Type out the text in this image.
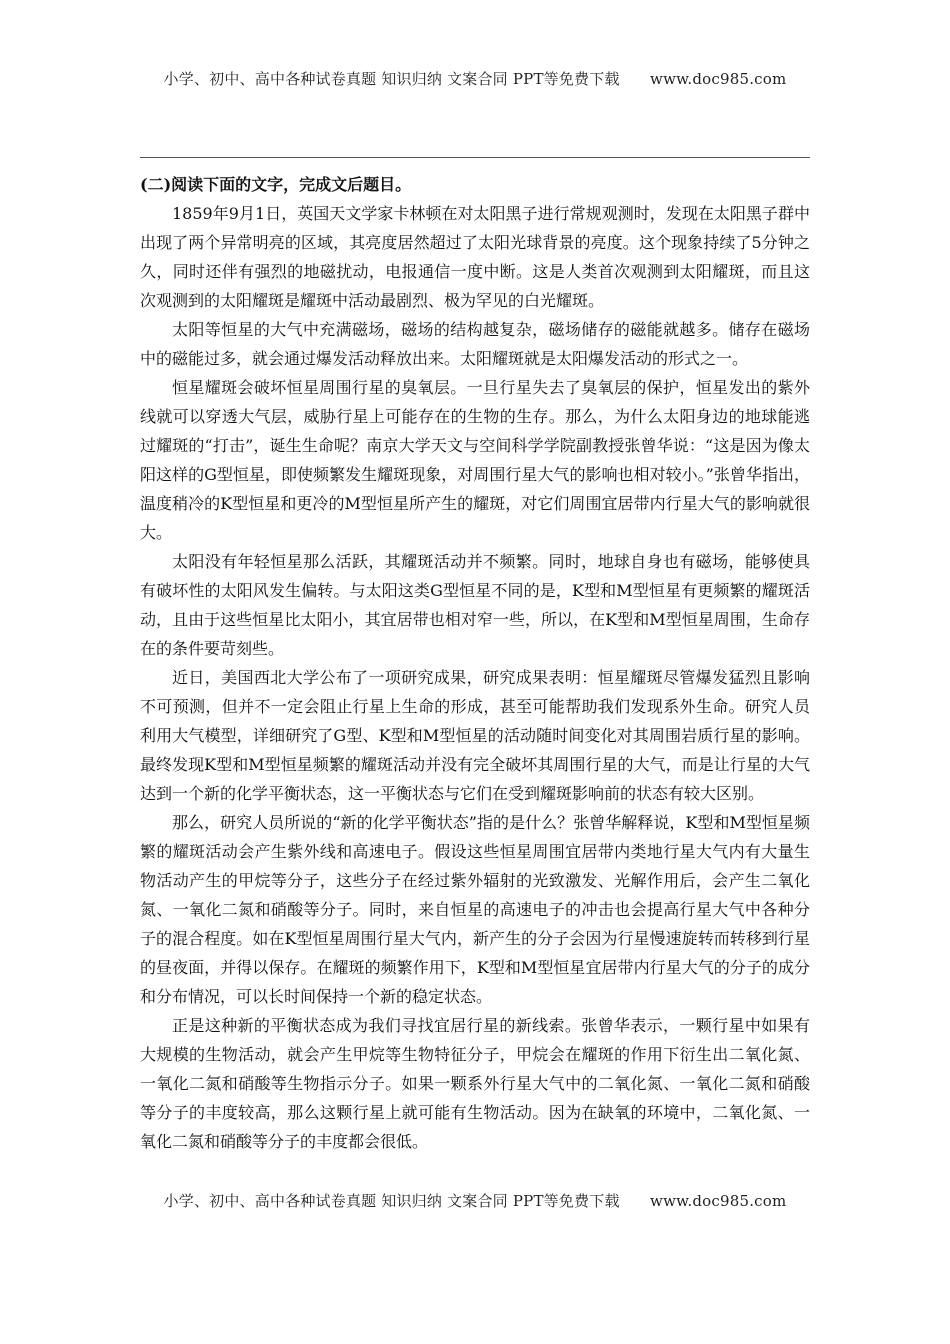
小学、初中、高中各种试卷真题 知识归纳 文案合同 PPT等免费下载　　www.doc985.com

(二)阅读下面的文字，完成文后题目。

1859年9月1日，英国天文学家卡林顿在对太阳黑子进行常规观测时，发现在太阳黑子群中出现了两个异常明亮的区域，其亮度居然超过了太阳光球背景的亮度。这个现象持续了5分钟之久，同时还伴有强烈的地磁扰动，电报通信一度中断。这是人类首次观测到太阳耀斑，而且这次观测到的太阳耀斑是耀斑中活动最剧烈、极为罕见的白光耀斑。

太阳等恒星的大气中充满磁场，磁场的结构越复杂，磁场储存的磁能就越多。储存在磁场中的磁能过多，就会通过爆发活动释放出来。太阳耀斑就是太阳爆发活动的形式之一。

恒星耀斑会破坏恒星周围行星的臭氧层。一旦行星失去了臭氧层的保护，恒星发出的紫外线就可以穿透大气层，威胁行星上可能存在的生物的生存。那么，为什么太阳身边的地球能逃过耀斑的“打击”，诞生生命呢？南京大学天文与空间科学学院副教授张曾华说：“这是因为像太阳这样的G型恒星，即使频繁发生耀斑现象，对周围行星大气的影响也相对较小。”张曾华指出，温度稍冷的K型恒星和更冷的M型恒星所产生的耀斑，对它们周围宜居带内行星大气的影响就很大。

太阳没有年轻恒星那么活跃，其耀斑活动并不频繁。同时，地球自身也有磁场，能够使具有破坏性的太阳风发生偏转。与太阳这类G型恒星不同的是，K型和M型恒星有更频繁的耀斑活动，且由于这些恒星比太阳小，其宜居带也相对窄一些，所以，在K型和M型恒星周围，生命存在的条件要苛刻些。

近日，美国西北大学公布了一项研究成果，研究成果表明：恒星耀斑尽管爆发猛烈且影响不可预测，但并不一定会阻止行星上生命的形成，甚至可能帮助我们发现系外生命。研究人员利用大气模型，详细研究了G型、K型和M型恒星的活动随时间变化对其周围岩质行星的影响。最终发现K型和M型恒星频繁的耀斑活动并没有完全破坏其周围行星的大气，而是让行星的大气达到一个新的化学平衡状态，这一平衡状态与它们在受到耀斑影响前的状态有较大区别。

那么，研究人员所说的“新的化学平衡状态”指的是什么？张曾华解释说，K型和M型恒星频繁的耀斑活动会产生紫外线和高速电子。假设这些恒星周围宜居带内类地行星大气内有大量生物活动产生的甲烷等分子，这些分子在经过紫外辐射的光致激发、光解作用后，会产生二氧化氮、一氧化二氮和硝酸等分子。同时，来自恒星的高速电子的冲击也会提高行星大气中各种分子的混合程度。如在K型恒星周围行星大气内，新产生的分子会因为行星慢速旋转而转移到行星的昼夜面，并得以保存。在耀斑的频繁作用下，K型和M型恒星宜居带内行星大气的分子的成分和分布情况，可以长时间保持一个新的稳定状态。

正是这种新的平衡状态成为我们寻找宜居行星的新线索。张曾华表示，一颗行星中如果有大规模的生物活动，就会产生甲烷等生物特征分子，甲烷会在耀斑的作用下衍生出二氧化氮、一氧化二氮和硝酸等生物指示分子。如果一颗系外行星大气中的二氧化氮、一氧化二氮和硝酸等分子的丰度较高，那么这颗行星上就可能有生物活动。因为在缺氧的环境中，二氧化氮、一氧化二氮和硝酸等分子的丰度都会很低。

小学、初中、高中各种试卷真题 知识归纳 文案合同 PPT等免费下载　　www.doc985.com
